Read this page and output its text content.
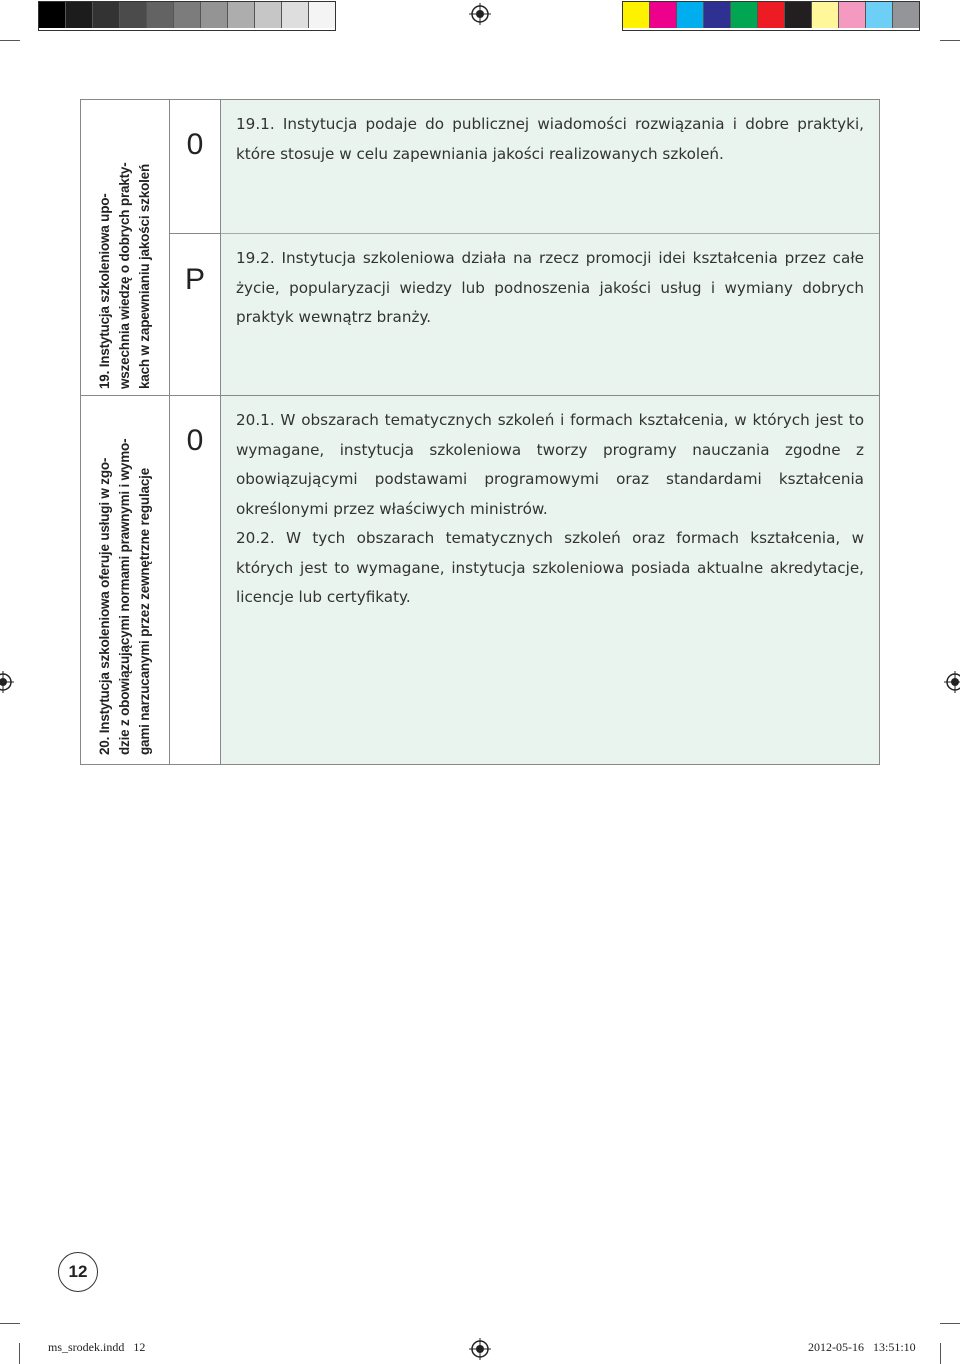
19. Instytucja szkoleniowa upo- wszechnia wiedzę o dobrych prakty- kach w zapewnianiu jakości szkoleń
0
P

19.1. Instytucja podaje do publicznej wiadomości rozwiązania i dobre praktyki, które stosuje w celu zapewniania jakości realizowanych szkoleń.

19.2. Instytucja szkoleniowa działa na rzecz promocji idei kształcenia przez całe życie, popularyzacji wiedzy lub podnoszenia jakości usług i wymiany dobrych praktyk wewnątrz branży.

20. Instytucja szkoleniowa oferuje usługi w zgo- dzie z obowiązującymi normami prawnymi i wymo- gami narzucanymi przez zewnętrzne regulacje
0

20.1. W obszarach tematycznych szkoleń i formach kształcenia, w których jest to wymagane, instytucja szkoleniowa tworzy programy nauczania zgodne z obowiązującymi podstawami programowymi oraz standardami kształcenia określonymi przez właściwych ministrów.

20.2. W tych obszarach tematycznych szkoleń oraz formach kształcenia, w których jest to wymagane, instytucja szkoleniowa posiada aktualne akredytacje, licencje lub certyfikaty.

12
ms_srodek.indd   12	2012-05-16   13:51:10
